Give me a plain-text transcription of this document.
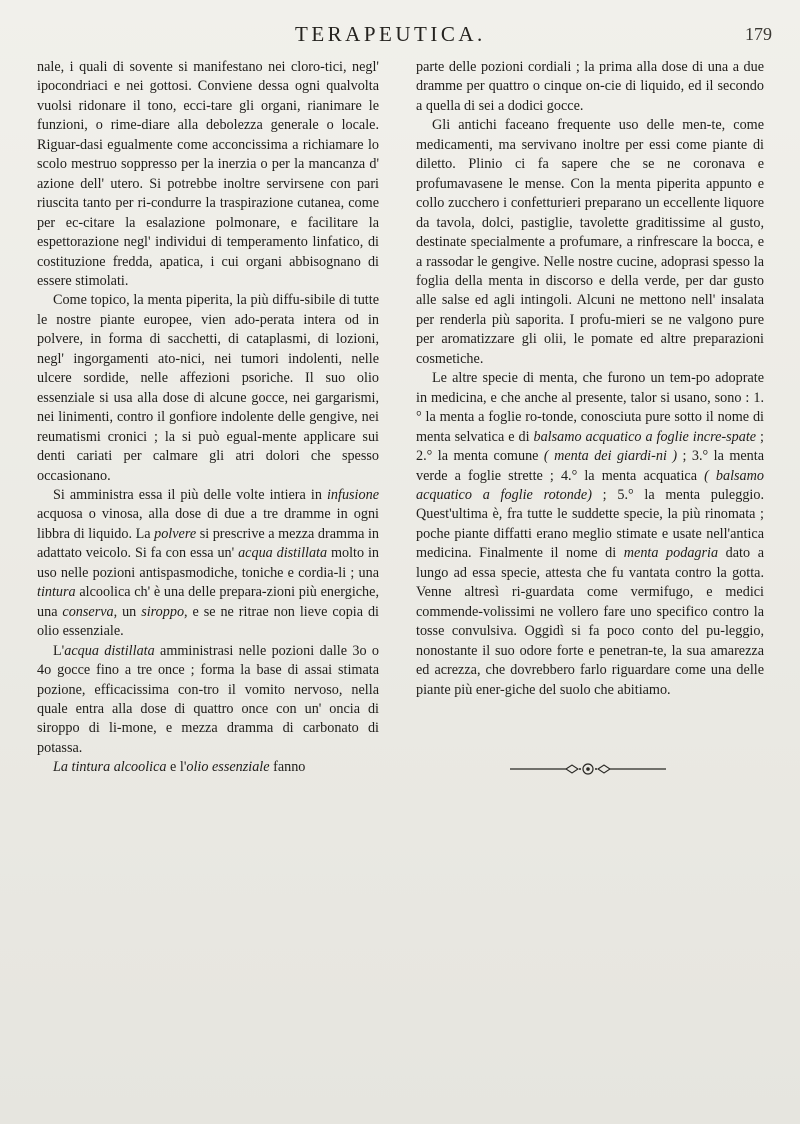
TERAPEUTICA.	179

nale, i quali di sovente si manifestano nei cloro-tici, negl' ipocondriaci e nei gottosi. Conviene dessa ogni qualvolta vuolsi ridonare il tono, ecci-tare gli organi, rianimare le funzioni, o rime-diare alla debolezza generale o locale. Riguar-dasi egualmente come acconcissima a richiamare lo scolo mestruo soppresso per la inerzia o per la mancanza d' azione dell' utero. Si potrebbe inoltre servirsene con pari riuscita tanto per ri-condurre la traspirazione cutanea, come per ec-citare la esalazione polmonare, e facilitare la espettorazione negl' individui di temperamento linfatico, di costituzione fredda, apatica, i cui organi abbisognano di essere stimolati.

Come topico, la menta piperita, la più diffu-sibile di tutte le nostre piante europee, vien ado-perata intera od in polvere, in forma di sacchetti, di cataplasmi, di lozioni, negl' ingorgamenti ato-nici, nei tumori indolenti, nelle ulcere sordide, nelle affezioni psoriche. Il suo olio essenziale si usa alla dose di alcune gocce, nei gargarismi, nei linimenti, contro il gonfiore indolente delle gengive, nei reumatismi cronici ; la si può egual-mente applicare sui denti cariati per calmare gli atri dolori che spesso occasionano.

Si amministra essa il più delle volte intiera in infusione acquosa o vinosa, alla dose di due a tre dramme in ogni libbra di liquido. La polvere si prescrive a mezza dramma in adattato veicolo. Si fa con essa un' acqua distillata molto in uso nelle pozioni antispasmodiche, toniche e cordia-li ; una tintura alcoolica ch' è una delle prepara-zioni più energiche, una conserva, un siroppo, e se ne ritrae non lieve copia di olio essenziale.

L'acqua distillata amministrasi nelle pozioni dalle 3o o 4o gocce fino a tre once ; forma la base di assai stimata pozione, efficacissima con-tro il vomito nervoso, nella quale entra alla dose di quattro once con un' oncia di siroppo di li-mone, e mezza dramma di carbonato di potassa.

La tintura alcoolica e l'olio essenziale fanno

parte delle pozioni cordiali ; la prima alla dose di una a due dramme per quattro o cinque on-cie di liquido, ed il secondo a quella di sei a dodici gocce.

Gli antichi faceano frequente uso delle men-te, come medicamenti, ma servivano inoltre per essi come piante di diletto. Plinio ci fa sapere che se ne coronava e profumavasene le mense. Con la menta piperita appunto e collo zucchero i confetturieri preparano un eccellente liquore da tavola, dolci, pastiglie, tavolette graditissime al gusto, destinate specialmente a profumare, a rinfrescare la bocca, e a rassodar le gengive. Nelle nostre cucine, adoprasi spesso la foglia della menta in discorso e della verde, per dar gusto alle salse ed agli intingoli. Alcuni ne mettono nell' insalata per renderla più saporita. I profu-mieri se ne valgono pure per aromatizzare gli olii, le pomate ed altre preparazioni cosmetiche.

Le altre specie di menta, che furono un tem-po adoprate in medicina, e che anche al presente, talor si usano, sono : 1.° la menta a foglie ro-tonde, conosciuta pure sotto il nome di menta selvatica e di balsamo acquatico a foglie incre-spate ; 2.° la menta comune ( menta dei giardi-ni ) ; 3.° la menta verde a foglie strette ; 4.° la menta acquatica ( balsamo acquatico a foglie rotonde) ; 5.° la menta puleggio. Quest'ultima è, fra tutte le suddette specie, la più rinomata ; poche piante diffatti erano meglio stimate e usate nell'antica medicina. Finalmente il nome di menta podagria dato a lungo ad essa specie, attesta che fu vantata contro la gotta. Venne altresì ri-guardata come vermifugo, e medici commende-volissimi ne vollero fare uno specifico contro la tosse convulsiva. Oggidì si fa poco conto del pu-leggio, nonostante il suo odore forte e penetran-te, la sua amarezza ed acrezza, che dovrebbero farlo riguardare come una delle piante più ener-giche del suolo che abitiamo.
